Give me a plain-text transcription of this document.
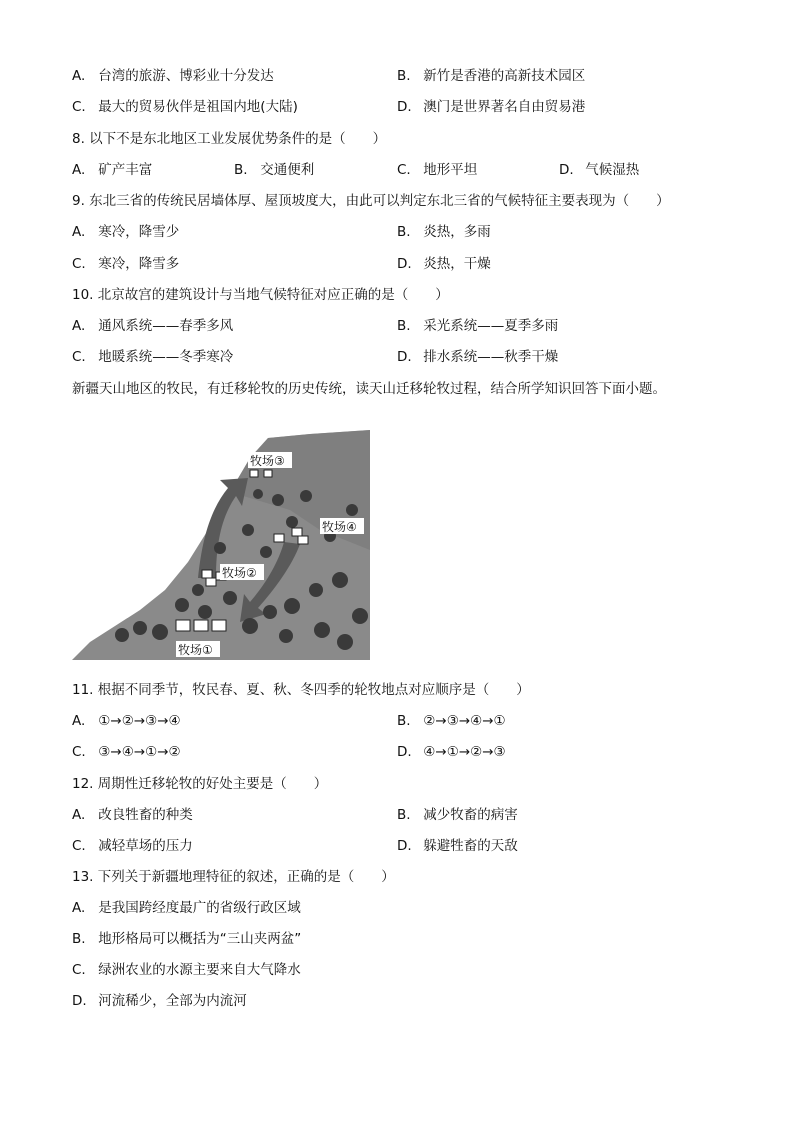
A. 台湾的旅游、博彩业十分发达	B. 新竹是香港的高新技术园区
C. 最大的贸易伙伴是祖国内地(大陆)	D. 澳门是世界著名自由贸易港
8. 以下不是东北地区工业发展优势条件的是（　　）
A. 矿产丰富	B. 交通便利	C. 地形平坦	D. 气候湿热
9. 东北三省的传统民居墙体厚、屋顶坡度大，由此可以判定东北三省的气候特征主要表现为（　　）
A. 寒冷，降雪少	B. 炎热，多雨
C. 寒冷，降雪多	D. 炎热，干燥
10. 北京故宫的建筑设计与当地气候特征对应正确的是（　　）
A. 通风系统——春季多风	B. 采光系统——夏季多雨
C. 地暖系统——冬季寒冷	D. 排水系统——秋季干燥
新疆天山地区的牧民，有迁移轮牧的历史传统，读天山迁移轮牧过程，结合所学知识回答下面小题。
牧场①
牧场②
牧场③
牧场④
11. 根据不同季节，牧民春、夏、秋、冬四季的轮牧地点对应顺序是（　　）
A. ①→②→③→④	B. ②→③→④→①
C. ③→④→①→②	D. ④→①→②→③
12. 周期性迁移轮牧的好处主要是（　　）
A. 改良牲畜的种类	B. 减少牧畜的病害
C. 减轻草场的压力	D. 躲避牲畜的天敌
13. 下列关于新疆地理特征的叙述，正确的是（　　）
A. 是我国跨经度最广的省级行政区域
B. 地形格局可以概括为“三山夹两盆”
C. 绿洲农业的水源主要来自大气降水
D. 河流稀少，全部为内流河
